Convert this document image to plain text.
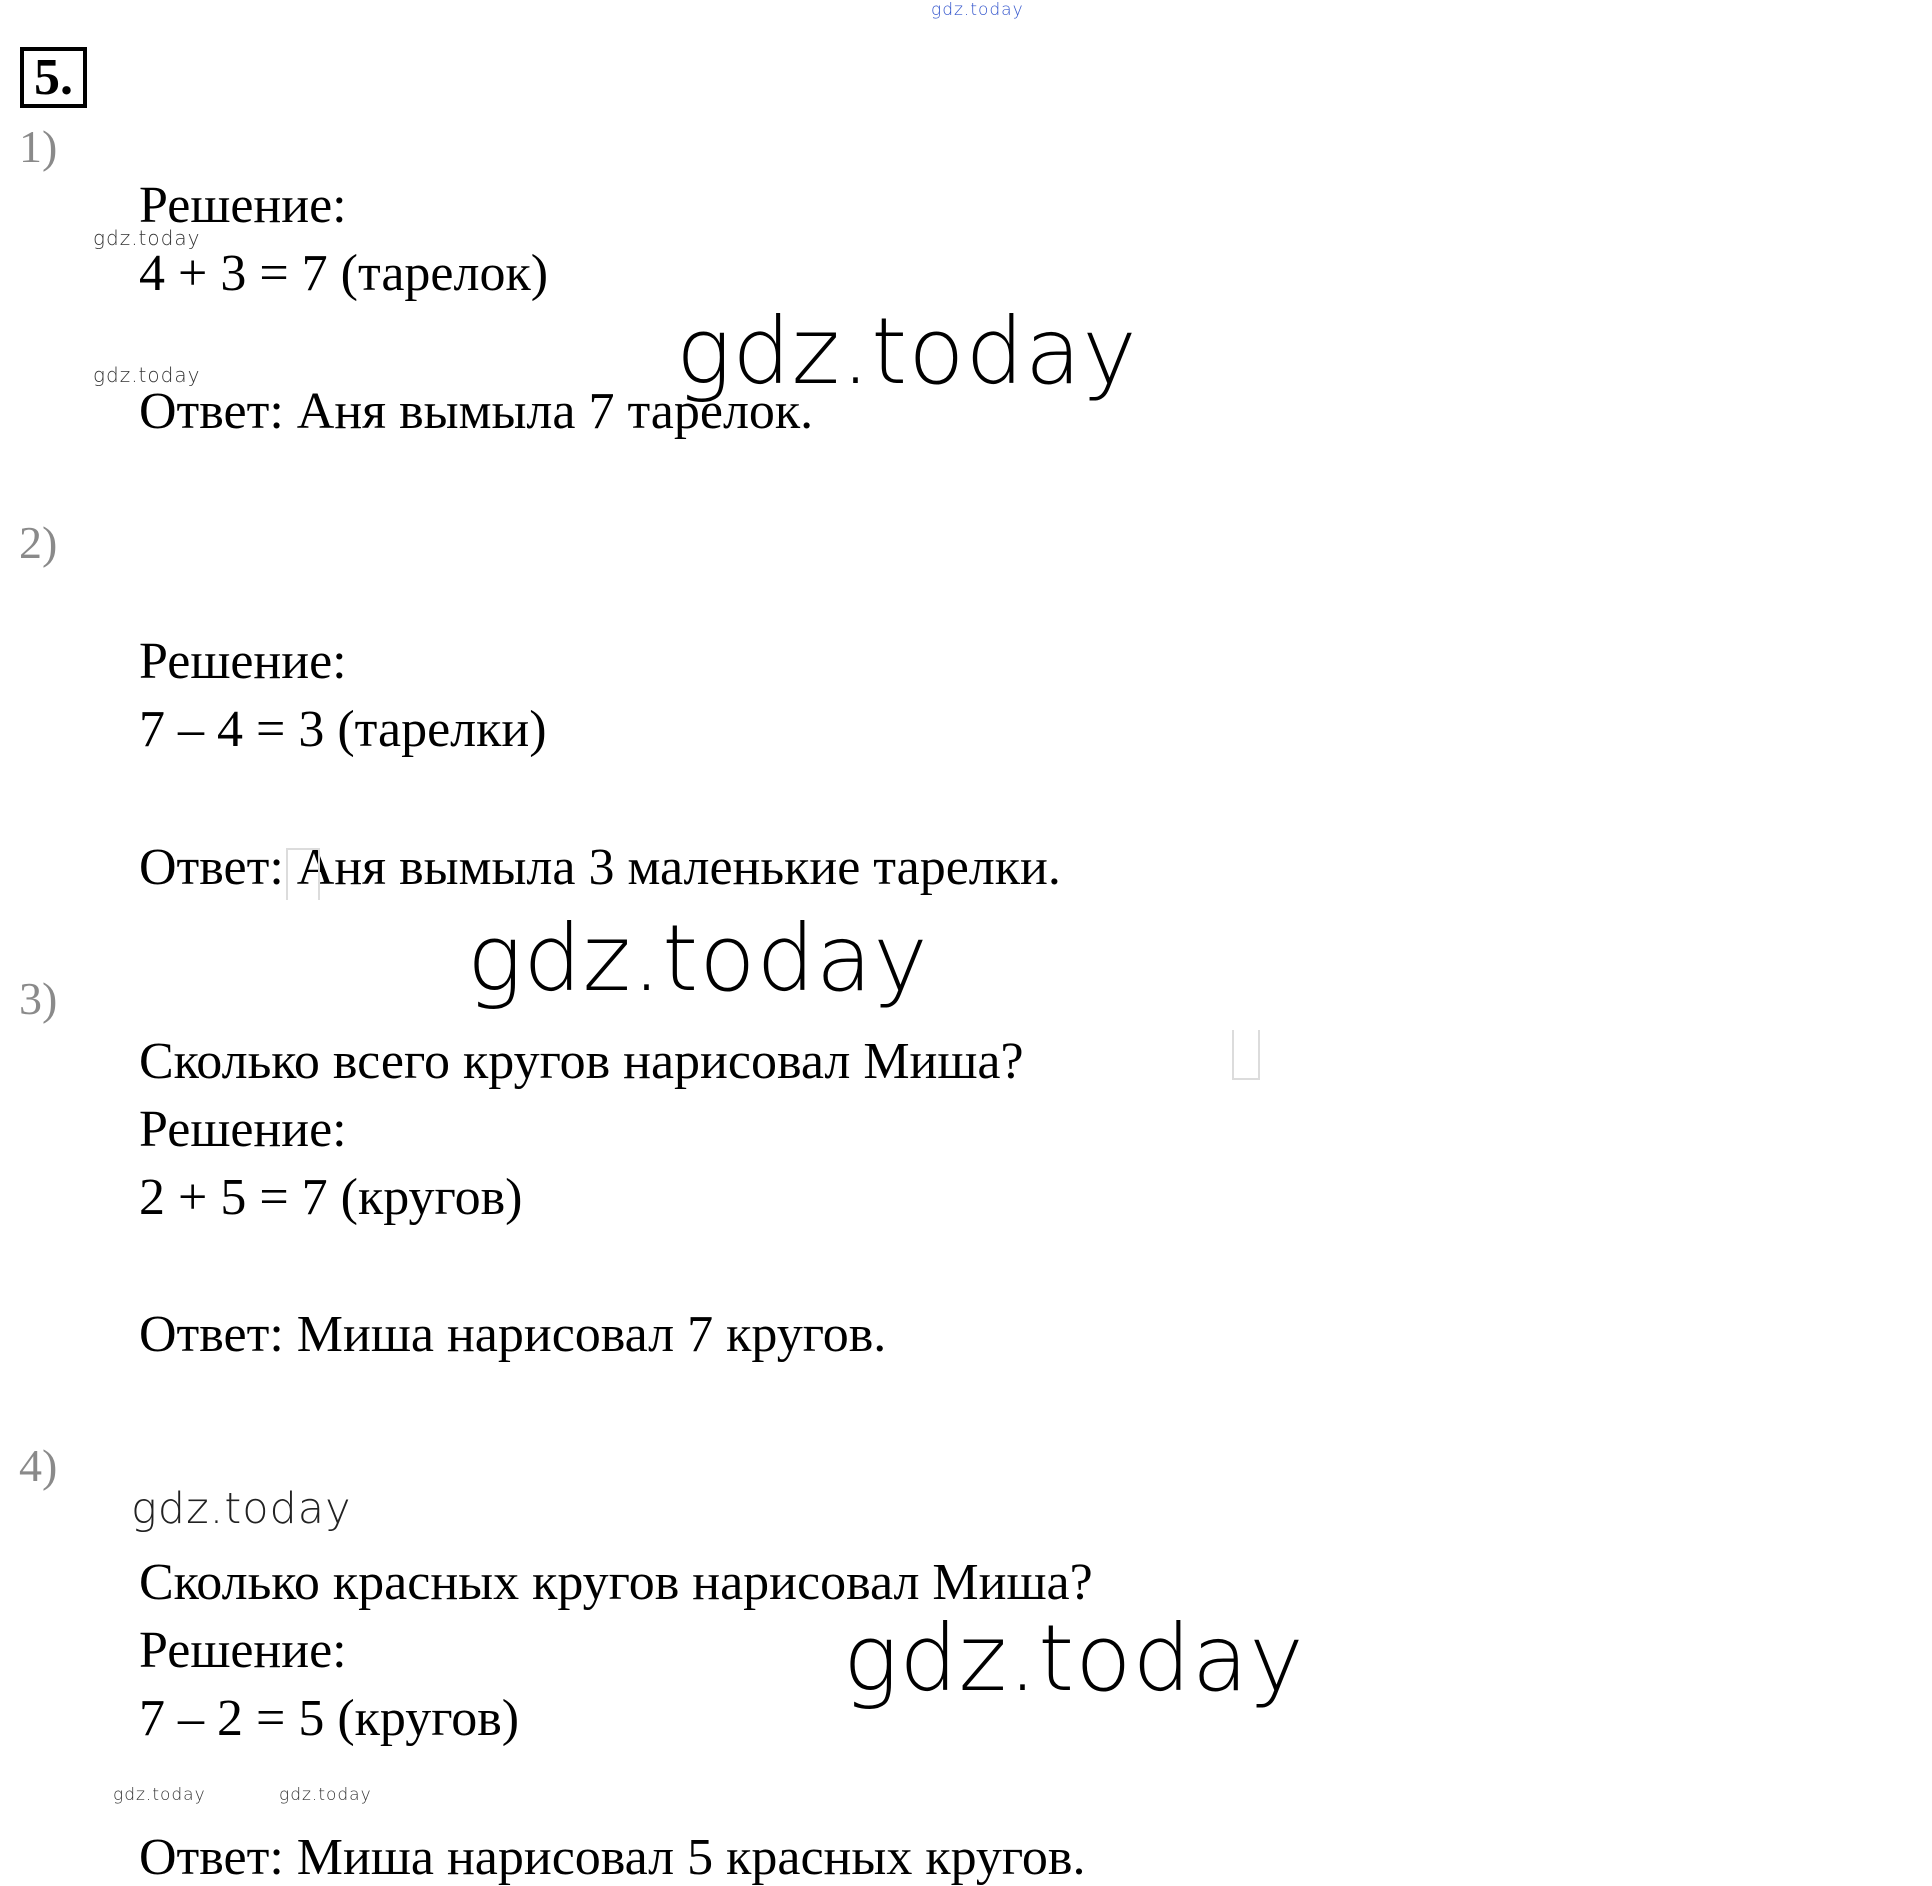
gdz.today
5.
1)
Решение:
4 + 3 = 7 (тарелок)
Ответ: Аня вымыла 7 тарелок.
2)
Решение:
7 – 4 = 3 (тарелки)
Ответ: Аня вымыла 3 маленькие тарелки.
3)
Сколько всего кругов нарисовал Миша?
Решение:
2 + 5 = 7 (кругов)
Ответ: Миша нарисовал 7 кругов.
4)
Сколько красных кругов нарисовал Миша?
Решение:
7 – 2 = 5 (кругов)
Ответ: Миша нарисовал 5 красных кругов.
gdz.today
gdz.today	gdz.today
gdz.today
gdz.today
gdz.today
gdz.today	gdz.today
